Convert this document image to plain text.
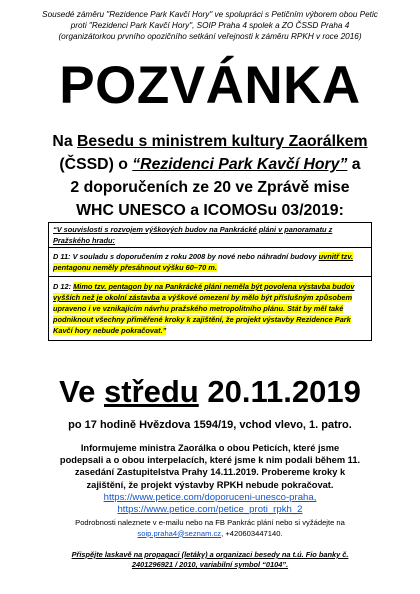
Sousedé záměru "Rezidence Park Kavčí Hory" ve spolupráci s Petičním výborem obou Petic
proti "Rezidenci Park Kavčí Hory", SOIP Praha 4 spolek a ZO ČSSD Praha 4
(organizátorkou prvního opozičního setkání veřejnosti k záměru RPKH v roce 2016)
POZVÁNKA
Na Besedu s ministrem kultury Zaorálkem
(ČSSD) o “Rezidenci Park Kavčí Hory” a
2 doporučeních ze 20 ve Zprávě mise
WHC UNESCO a ICOMOSu 03/2019:
“V souvislosti s rozvojem výškových budov na Pankrácké pláni v panoramatu z
Pražského hradu:
D 11: V souladu s doporučením z roku 2008 by nové nebo náhradní budovy uvnitř tzv.
pentagonu neměly přesáhnout výšku 60–70 m.
D 12: Mimo tzv. pentagon by na Pankrácké pláni neměla být povolena výstavba budov vyšších než je okolní zástavba a výškové omezení by mělo být příslušným způsobem upraveno i ve vznikajícím návrhu pražského metropolitního plánu. Stát by měl také podniknout všechny přiměřené kroky k zajištění, že projekt výstavby Rezidence Park Kavčí hory nebude pokračovat.”
Ve středu 20.11.2019
po 17 hodině Hvězdova 1594/19, vchod vlevo, 1. patro.
Informujeme ministra Zaorálka o obou Peticích, které jsme
podepsali a o obou interpelacích, které jsme k nim podali během 11.
zasedání Zastupitelstva Prahy 14.11.2019. Probereme kroky k
zajištění, že projekt výstavby RPKH nebude pokračovat.
https://www.petice.com/doporuceni-unesco-praha,
https://www.petice.com/petice_proti_rpkh_2
Podrobnosti naleznete v e-mailu nebo na FB Pankrác plání nebo si vyžádejte na
soip.praha4@seznam.cz, +420603447140.
Přispějte laskavě na propagaci (letáky) a organizaci besedy na t.ú. Fio banky č.
2401296921 / 2010, variabilní symbol “0104”.
